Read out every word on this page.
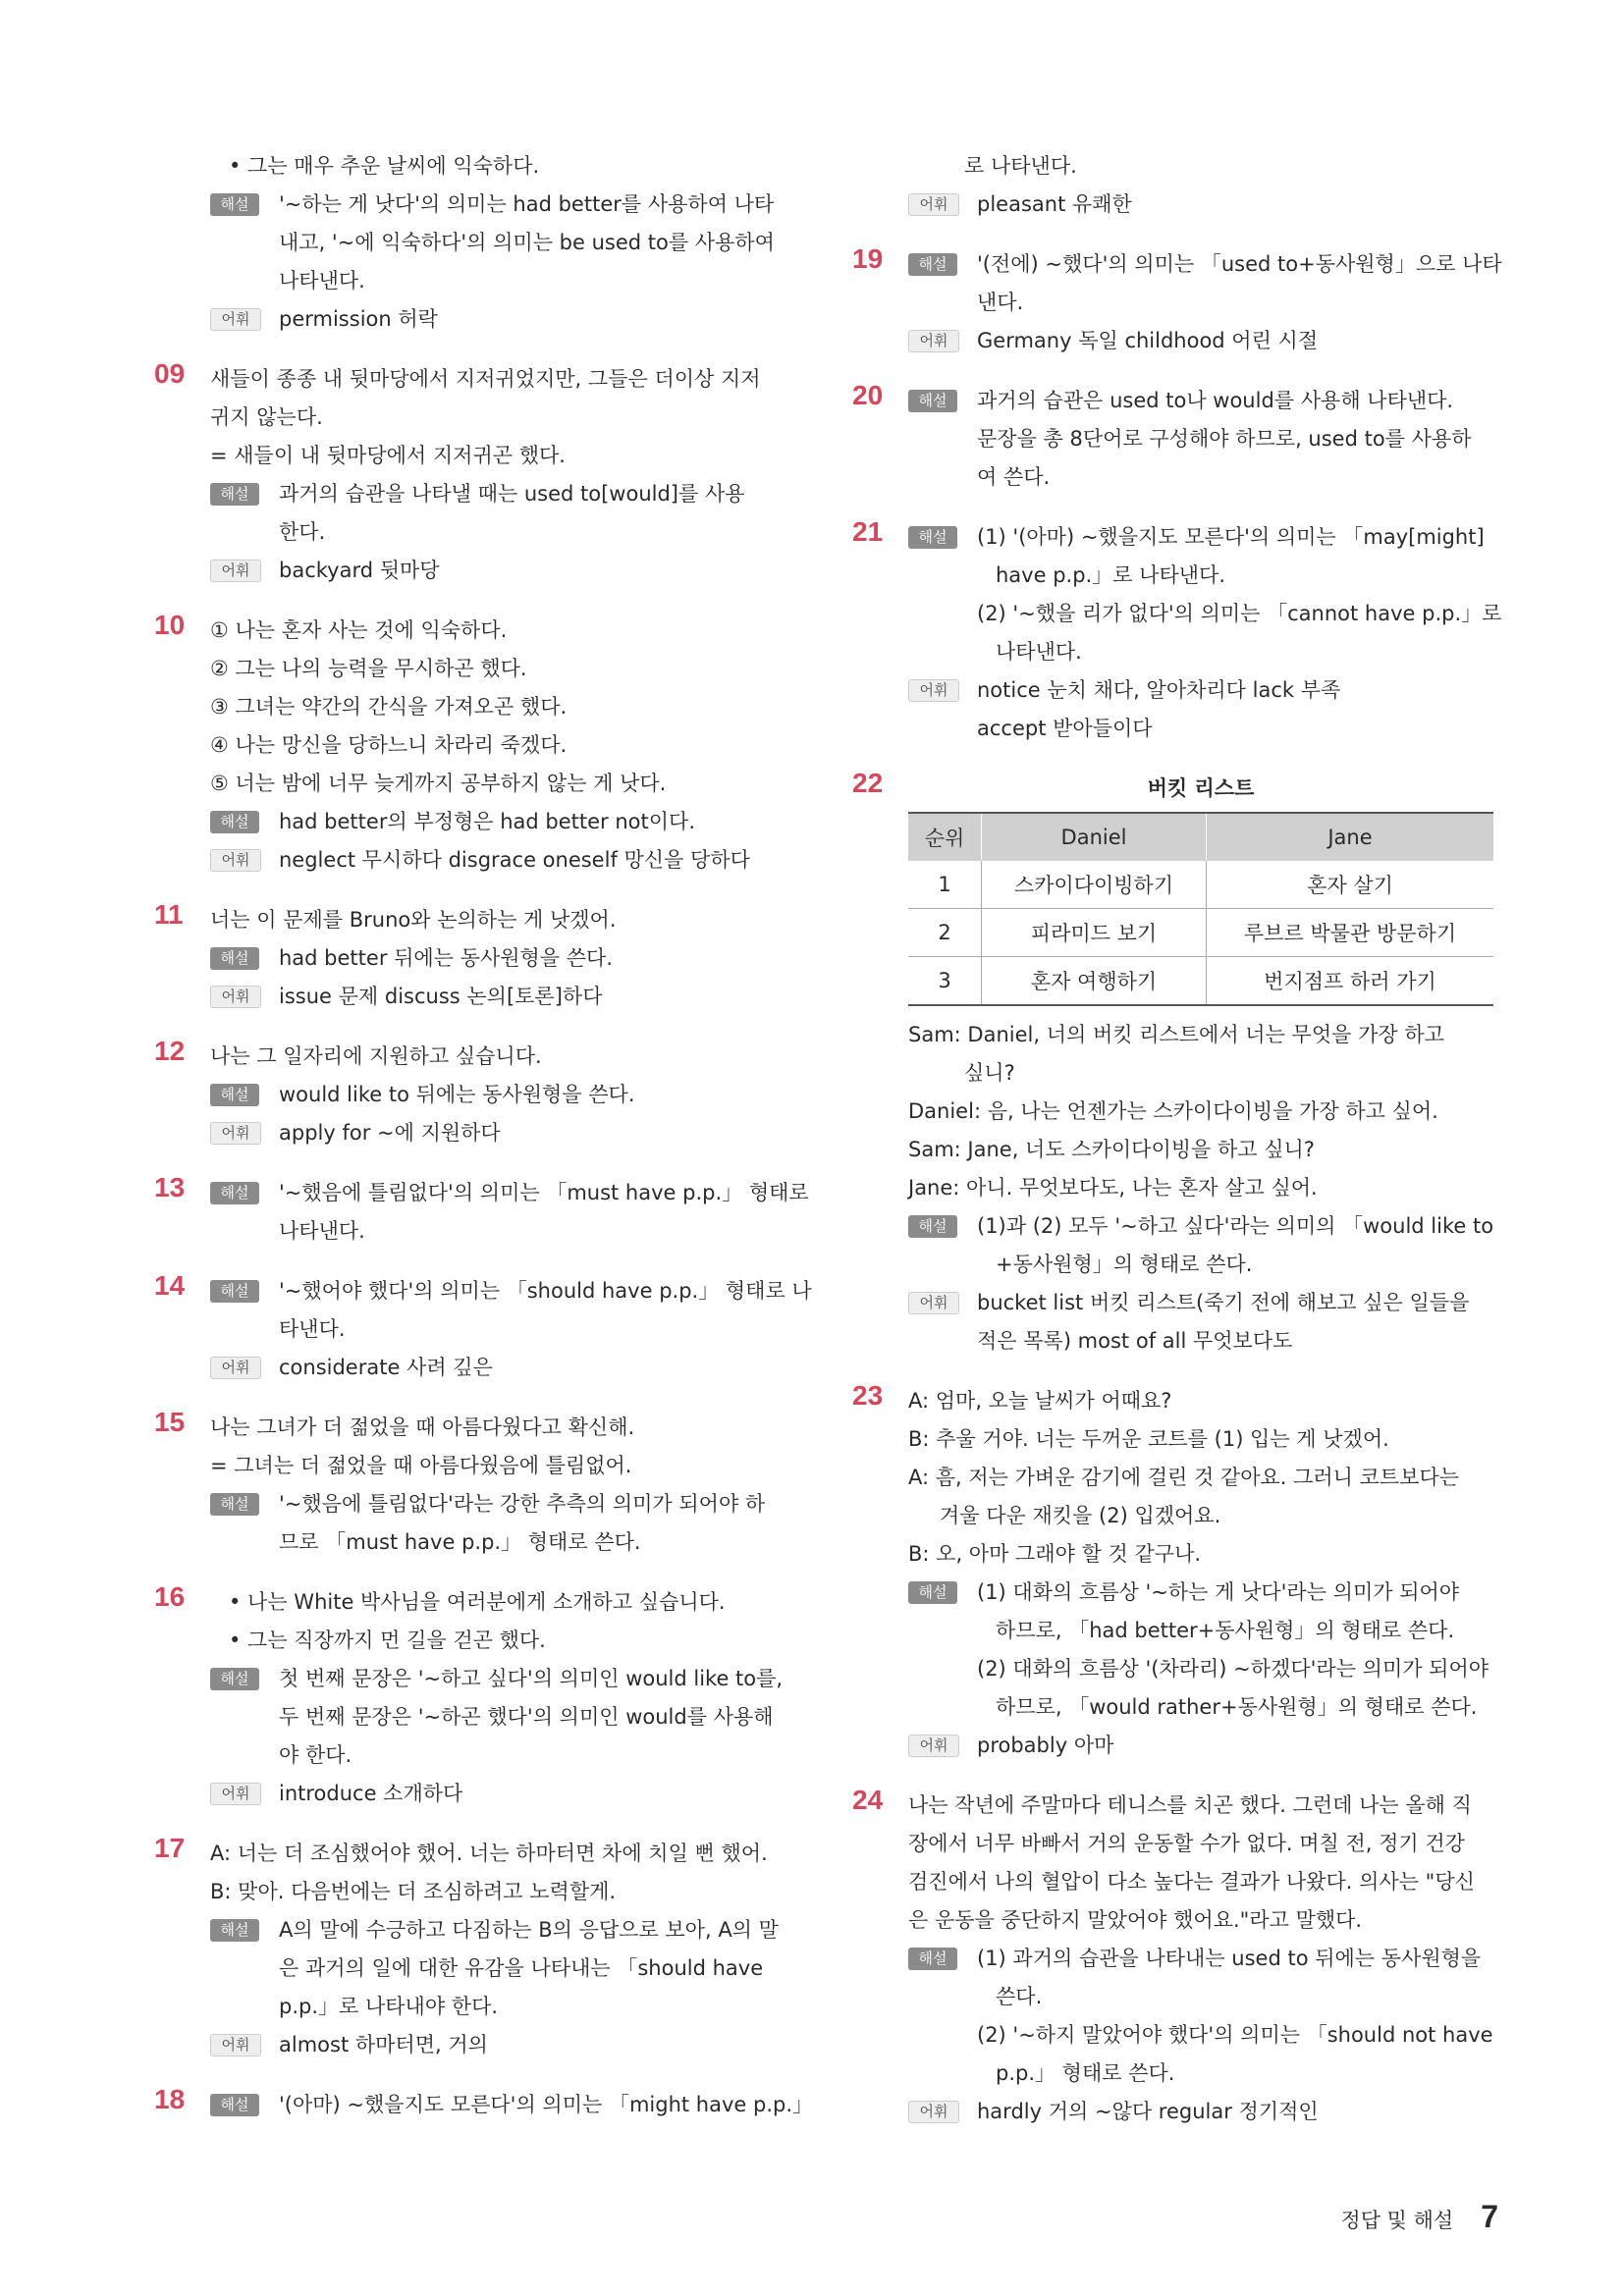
• 그는 매우 추운 날씨에 익숙하다.
해설	'~하는 게 낫다'의 의미는 had better를 사용하여 나타
내고, '~에 익숙하다'의 의미는 be used to를 사용하여
나타낸다.
어휘	permission 허락
09 새들이 종종 내 뒷마당에서 지저귀었지만, 그들은 더이상 지저
귀지 않는다.
= 새들이 내 뒷마당에서 지저귀곤 했다.
해설	과거의 습관을 나타낼 때는 used to[would]를 사용
한다.
어휘	backyard 뒷마당
10 ① 나는 혼자 사는 것에 익숙하다.
② 그는 나의 능력을 무시하곤 했다.
③ 그녀는 약간의 간식을 가져오곤 했다.
④ 나는 망신을 당하느니 차라리 죽겠다.
⑤ 너는 밤에 너무 늦게까지 공부하지 않는 게 낫다.
해설	had better의 부정형은 had better not이다.
어휘	neglect 무시하다 disgrace oneself 망신을 당하다
11 너는 이 문제를 Bruno와 논의하는 게 낫겠어.
해설	had better 뒤에는 동사원형을 쓴다.
어휘	issue 문제 discuss 논의[토론]하다
12 나는 그 일자리에 지원하고 싶습니다.
해설	would like to 뒤에는 동사원형을 쓴다.
어휘	apply for ~에 지원하다
13	해설	'~했음에 틀림없다'의 의미는 「must have p.p.」 형태로
나타낸다.
14	해설	'~했어야 했다'의 의미는 「should have p.p.」 형태로 나
타낸다.
어휘	considerate 사려 깊은
15 나는 그녀가 더 젊었을 때 아름다웠다고 확신해.
= 그녀는 더 젊었을 때 아름다웠음에 틀림없어.
해설	'~했음에 틀림없다'라는 강한 추측의 의미가 되어야 하
므로 「must have p.p.」 형태로 쓴다.
16	• 나는 White 박사님을 여러분에게 소개하고 싶습니다.
• 그는 직장까지 먼 길을 걷곤 했다.
해설	첫 번째 문장은 '~하고 싶다'의 의미인 would like to를,
두 번째 문장은 '~하곤 했다'의 의미인 would를 사용해
야 한다.
어휘	introduce 소개하다
17 A: 너는 더 조심했어야 했어. 너는 하마터면 차에 치일 뻔 했어.
B: 맞아. 다음번에는 더 조심하려고 노력할게.
해설	A의 말에 수긍하고 다짐하는 B의 응답으로 보아, A의 말
은 과거의 일에 대한 유감을 나타내는 「should have
p.p.」로 나타내야 한다.
어휘	almost 하마터면, 거의
18	해설	'(아마) ~했을지도 모른다'의 의미는 「might have p.p.」
로 나타낸다.
어휘	pleasant 유쾌한
19	해설	'(전에) ~했다'의 의미는 「used to+동사원형」으로 나타
낸다.
어휘	Germany 독일 childhood 어린 시절
20	해설	과거의 습관은 used to나 would를 사용해 나타낸다.
문장을 총 8단어로 구성해야 하므로, used to를 사용하
여 쓴다.
21	해설	(1) '(아마) ~했을지도 모른다'의 의미는 「may[might]
have p.p.」로 나타낸다.
(2) '~했을 리가 없다'의 의미는 「cannot have p.p.」로
나타낸다.
어휘	notice 눈치 채다, 알아차리다 lack 부족
accept 받아들이다
22	버킷 리스트
순위	Daniel	Jane
1	스카이다이빙하기	혼자 살기
2	피라미드 보기	루브르 박물관 방문하기
3	혼자 여행하기	번지점프 하러 가기
Sam: Daniel, 너의 버킷 리스트에서 너는 무엇을 가장 하고
싶니?
Daniel: 음, 나는 언젠가는 스카이다이빙을 가장 하고 싶어.
Sam: Jane, 너도 스카이다이빙을 하고 싶니?
Jane: 아니. 무엇보다도, 나는 혼자 살고 싶어.
해설	(1)과 (2) 모두 '~하고 싶다'라는 의미의 「would like to
+동사원형」의 형태로 쓴다.
어휘	bucket list 버킷 리스트(죽기 전에 해보고 싶은 일들을
적은 목록) most of all 무엇보다도
23 A: 엄마, 오늘 날씨가 어때요?
B: 추울 거야. 너는 두꺼운 코트를 (1) 입는 게 낫겠어.
A: 흠, 저는 가벼운 감기에 걸린 것 같아요. 그러니 코트보다는
겨울 다운 재킷을 (2) 입겠어요.
B: 오, 아마 그래야 할 것 같구나.
해설	(1) 대화의 흐름상 '~하는 게 낫다'라는 의미가 되어야
하므로, 「had better+동사원형」의 형태로 쓴다.
(2) 대화의 흐름상 '(차라리) ~하겠다'라는 의미가 되어야
하므로, 「would rather+동사원형」의 형태로 쓴다.
어휘	probably 아마
24 나는 작년에 주말마다 테니스를 치곤 했다. 그런데 나는 올해 직
장에서 너무 바빠서 거의 운동할 수가 없다. 며칠 전, 정기 건강
검진에서 나의 혈압이 다소 높다는 결과가 나왔다. 의사는 "당신
은 운동을 중단하지 말았어야 했어요."라고 말했다.
해설	(1) 과거의 습관을 나타내는 used to 뒤에는 동사원형을
쓴다.
(2) '~하지 말았어야 했다'의 의미는 「should not have
p.p.」 형태로 쓴다.
어휘	hardly 거의 ~않다 regular 정기적인
정답 및 해설 7
